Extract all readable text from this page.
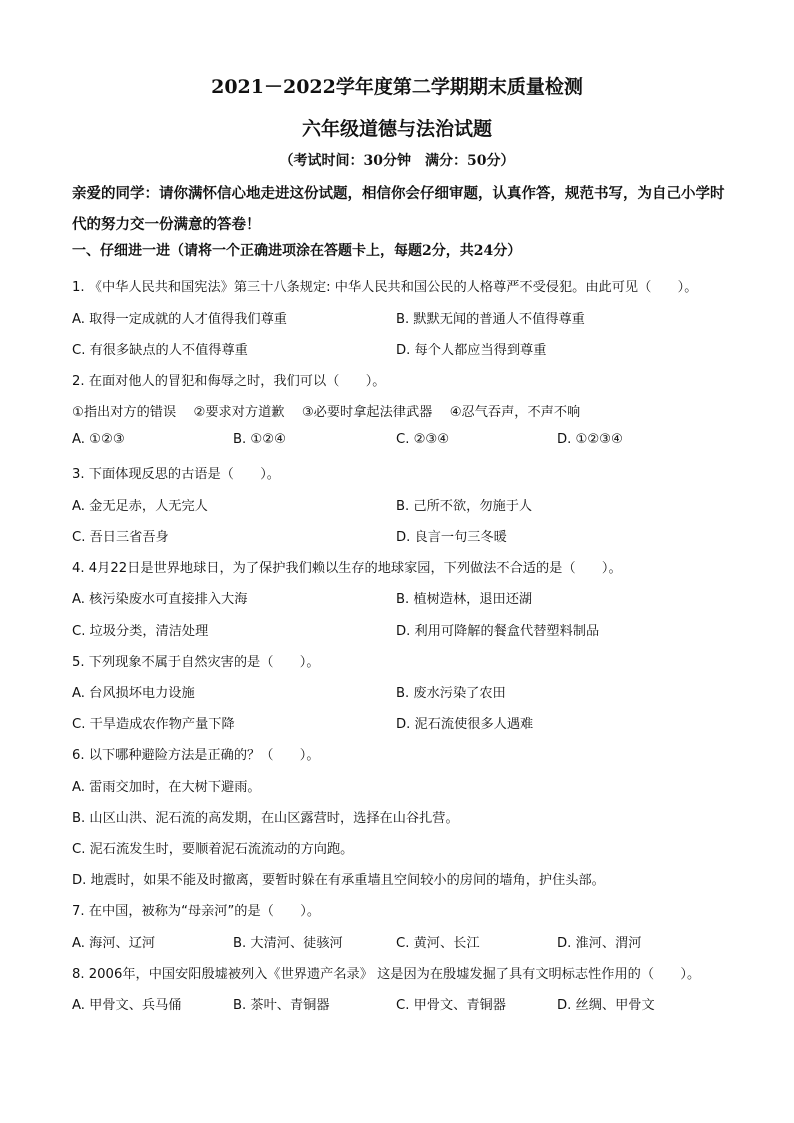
2021－2022学年度第二学期期末质量检测
六年级道德与法治试题
（考试时间：30分钟　满分：50分）
亲爱的同学：请你满怀信心地走进这份试题，相信你会仔细审题，认真作答，规范书写，为自己小学时代的努力交一份满意的答卷！
一、仔细进一进（请将一个正确进项涂在答题卡上，每题2分，共24分）
1. 《中华人民共和国宪法》第三十八条规定: 中华人民共和国公民的人格尊严不受侵犯。由此可见（　　）。
A. 取得一定成就的人才值得我们尊重	B. 默默无闻的普通人不值得尊重
C. 有很多缺点的人不值得尊重	D. 每个人都应当得到尊重
2. 在面对他人的冒犯和侮辱之时，我们可以（　　）。
①指出对方的错误　 ②要求对方道歉　 ③必要时拿起法律武器　 ④忍气吞声，不声不响
A. ①②③	B. ①②④	C. ②③④	D. ①②③④
3. 下面体现反思的古语是（　　）。
A. 金无足赤，人无完人	B. 己所不欲，勿施于人
C. 吾日三省吾身	D. 良言一句三冬暖
4. 4月22日是世界地球日，为了保护我们赖以生存的地球家园，下列做法不合适的是（　　）。
A. 核污染废水可直接排入大海	B. 植树造林，退田还湖
C. 垃圾分类，清洁处理	D. 利用可降解的餐盒代替塑料制品
5. 下列现象不属于自然灾害的是（　　）。
A. 台风损坏电力设施	B. 废水污染了农田
C. 干旱造成农作物产量下降	D. 泥石流使很多人遇难
6. 以下哪种避险方法是正确的？（　　）。
A. 雷雨交加时，在大树下避雨。
B. 山区山洪、泥石流的高发期，在山区露营时，选择在山谷扎营。
C. 泥石流发生时，要顺着泥石流流动的方向跑。
D. 地震时，如果不能及时撤离，要暂时躲在有承重墙且空间较小的房间的墙角，护住头部。
7. 在中国，被称为“母亲河”的是（　　）。
A. 海河、辽河	B. 大清河、徒骇河	C. 黄河、长江	D. 淮河、渭河
8. 2006年，中国安阳殷墟被列入《世界遗产名录》 这是因为在殷墟发掘了具有文明标志性作用的（　　）。
A. 甲骨文、兵马俑	B. 茶叶、青铜器	C. 甲骨文、青铜器	D. 丝绸、甲骨文
